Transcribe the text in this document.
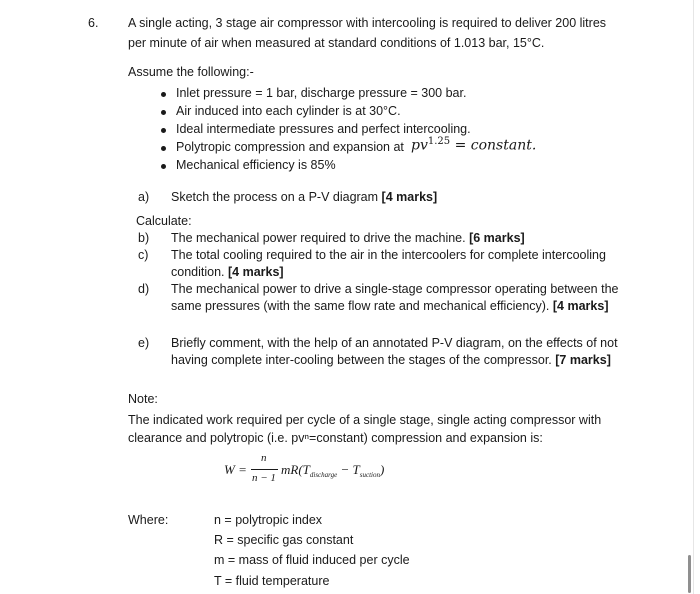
6. A single acting, 3 stage air compressor with intercooling is required to deliver 200 litres
per minute of air when measured at standard conditions of 1.013 bar, 15°C.
Assume the following:-
Inlet pressure = 1 bar, discharge pressure = 300 bar.
Air induced into each cylinder is at 30°C.
Ideal intermediate pressures and perfect intercooling.
Polytropic compression and expansion at $pv^{1.25}$ = constant.
Mechanical efficiency is 85%
a) Sketch the process on a P-V diagram [4 marks]
Calculate:
b) The mechanical power required to drive the machine. [6 marks]
c) The total cooling required to the air in the intercoolers for complete intercooling
condition. [4 marks]
d) The mechanical power to drive a single-stage compressor operating between the
same pressures (with the same flow rate and mechanical efficiency). [4 marks]
e) Briefly comment, with the help of an annotated P-V diagram, on the effects of not
having complete inter-cooling between the stages of the compressor. [7 marks]
Note:
The indicated work required per cycle of a single stage, single acting compressor with
clearance and polytropic (i.e. pvⁿ=constant) compression and expansion is:
W =
n
n − 1
$mR(T_{discharge} - T_{suction})$
Where:	n = polytropic index
R = specific gas constant
m = mass of fluid induced per cycle
T = fluid temperature
